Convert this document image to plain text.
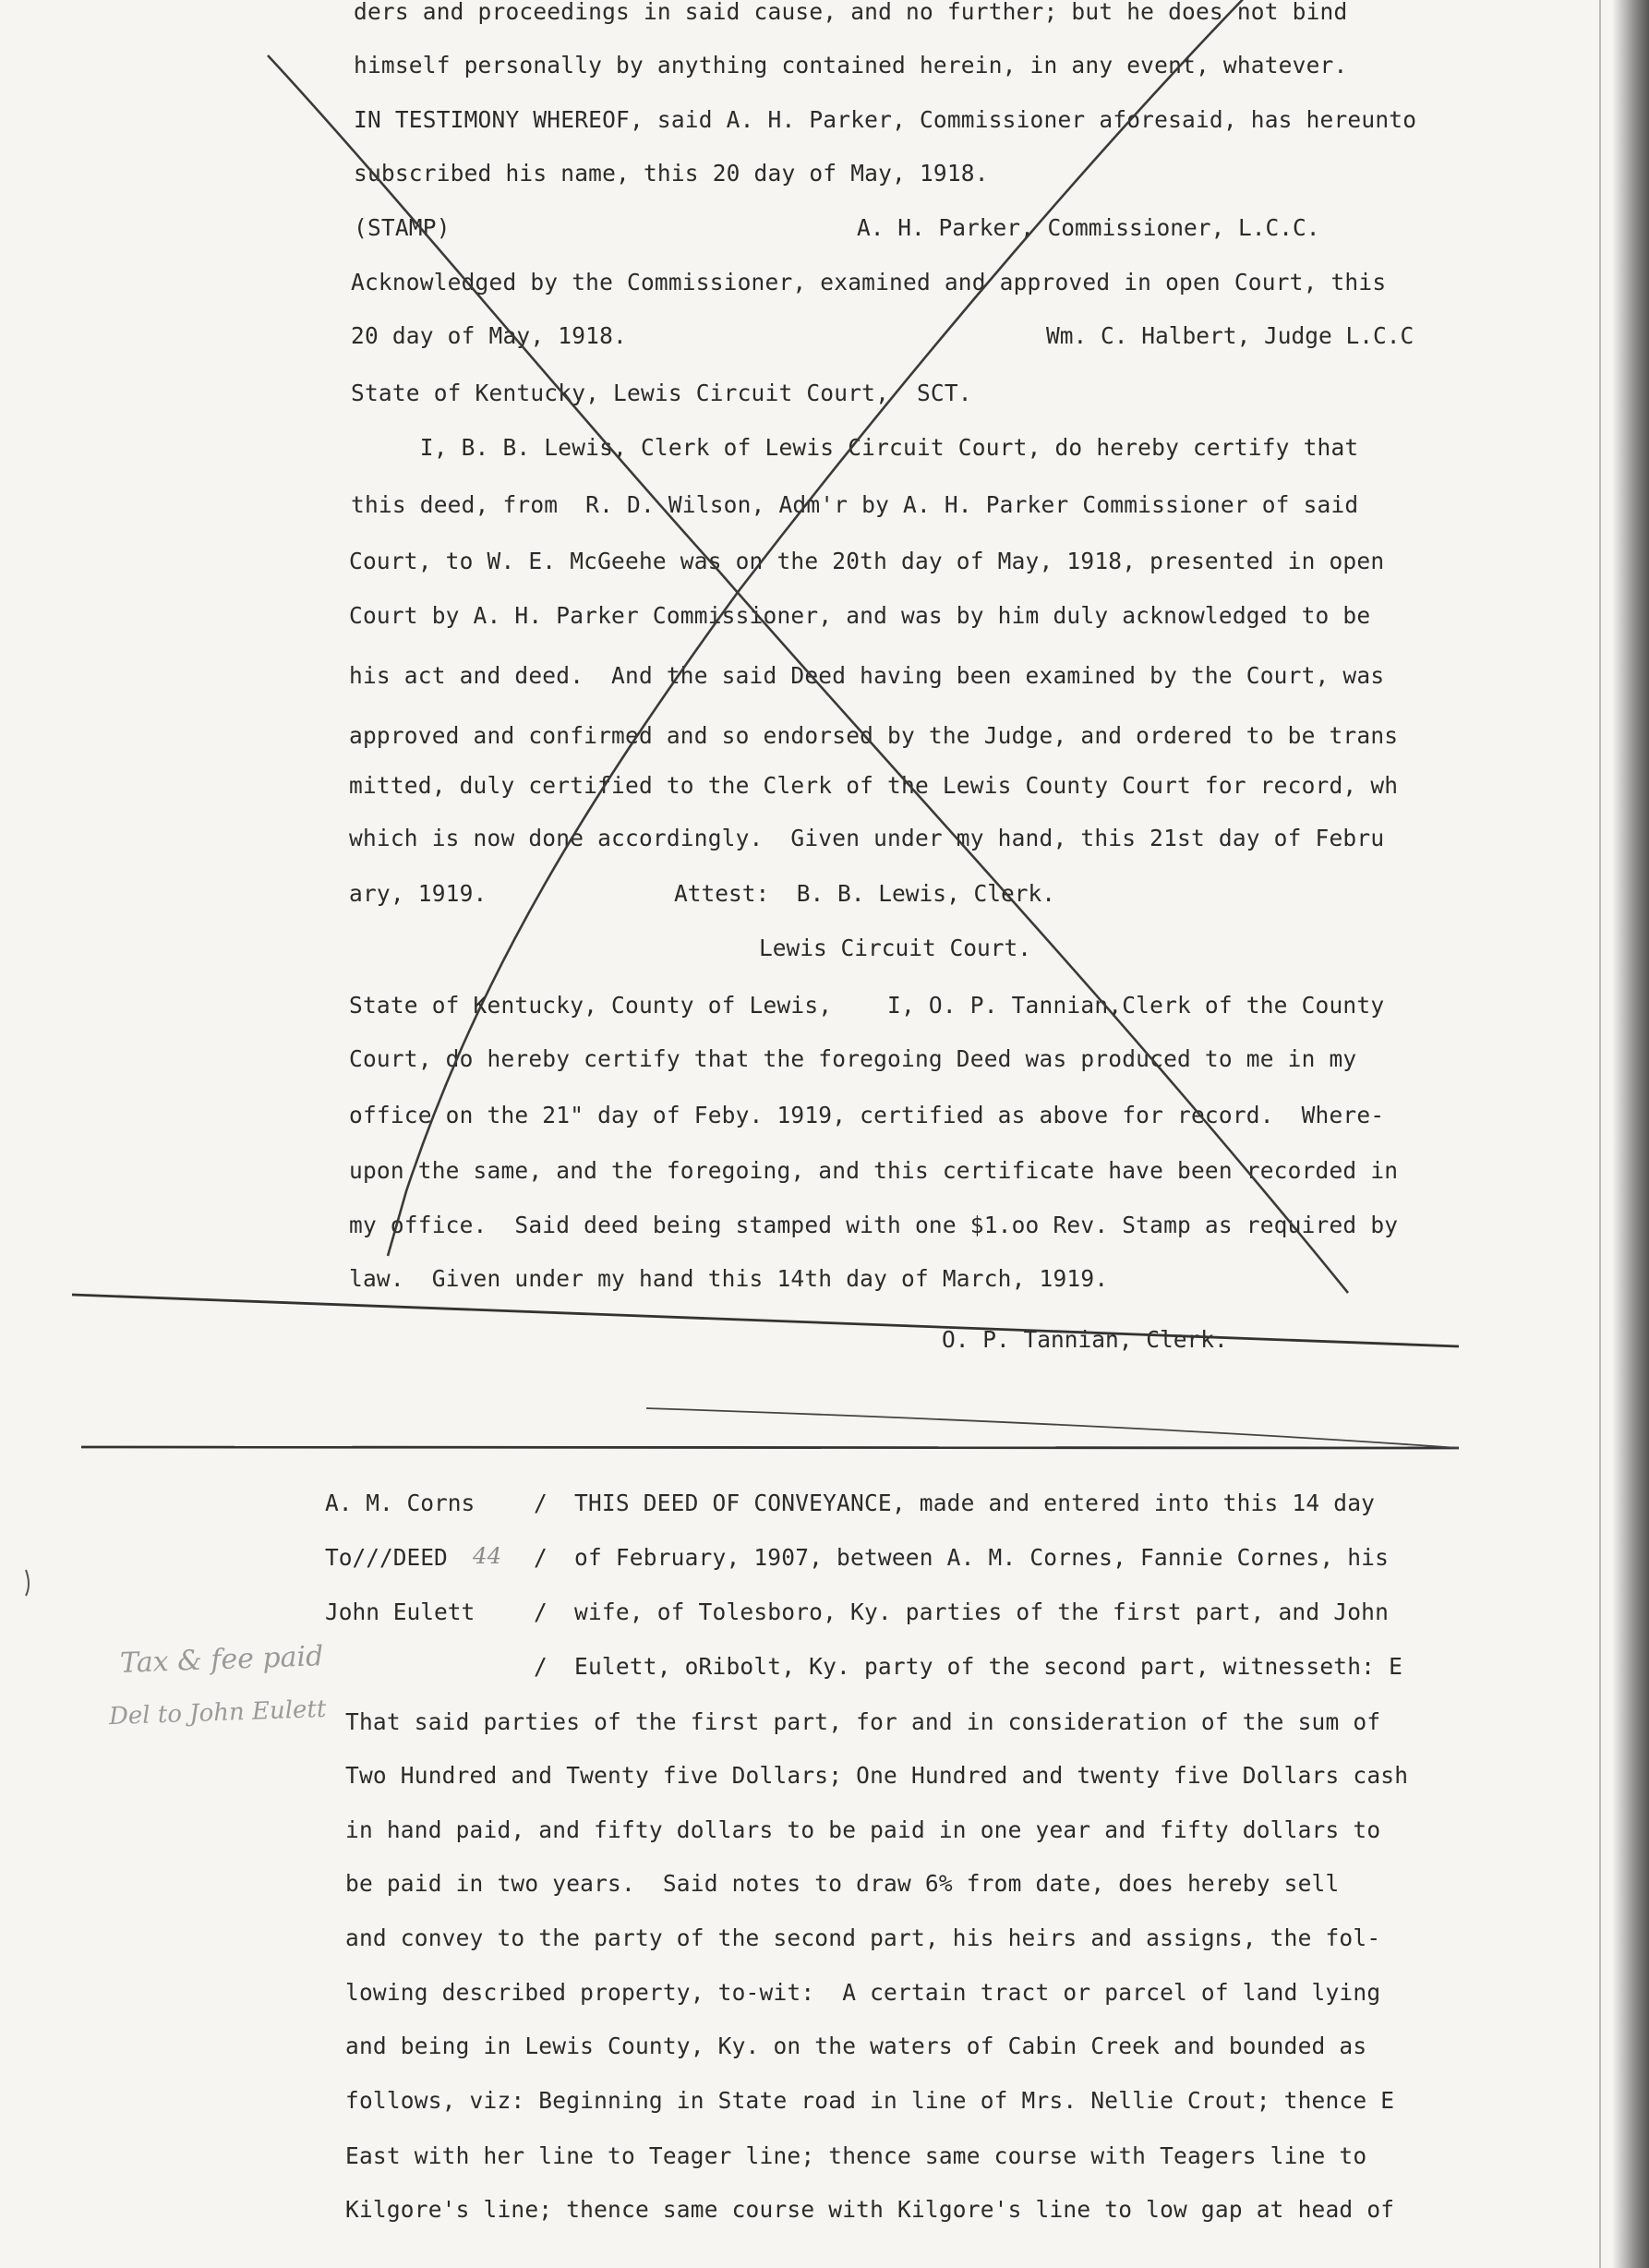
ders and proceedings in said cause, and no further; but he does not bind
himself personally by anything contained herein, in any event, whatever.
IN TESTIMONY WHEREOF, said A. H. Parker, Commissioner aforesaid, has hereunto
subscribed his name, this 20 day of May, 1918.
(STAMP)	A. H. Parker, Commissioner, L.C.C.
Acknowledged by the Commissioner, examined and approved in open Court, this
20 day of May, 1918.	Wm. C. Halbert, Judge L.C.C
State of Kentucky, Lewis Circuit Court,  SCT.
I, B. B. Lewis, Clerk of Lewis Circuit Court, do hereby certify that
this deed, from  R. D. Wilson, Adm'r by A. H. Parker Commissioner of said
Court, to W. E. McGeehe was on the 20th day of May, 1918, presented in open
Court by A. H. Parker Commissioner, and was by him duly acknowledged to be
his act and deed.  And the said Deed having been examined by the Court, was
approved and confirmed and so endorsed by the Judge, and ordered to be trans
mitted, duly certified to the Clerk of the Lewis County Court for record, wh
which is now done accordingly.  Given under my hand, this 21st day of Febru
ary, 1919.	Attest:  B. B. Lewis, Clerk.
Lewis Circuit Court.
State of Kentucky, County of Lewis,    I, O. P. Tannian,Clerk of the County
Court, do hereby certify that the foregoing Deed was produced to me in my
office on the 21" day of Feby. 1919, certified as above for record.  Where-
upon the same, and the foregoing, and this certificate have been recorded in
my office.  Said deed being stamped with one $1.oo Rev. Stamp as required by
law.  Given under my hand this 14th day of March, 1919.
O. P. Tannian, Clerk.
A. M. Corns
To///DEED 44
John Eulett
/
/
/
/
Tax & fee paid
Del to John Eulett
THIS DEED OF CONVEYANCE, made and entered into this 14 day
of February, 1907, between A. M. Cornes, Fannie Cornes, his
wife, of Tolesboro, Ky. parties of the first part, and John
Eulett, oRibolt, Ky. party of the second part, witnesseth: E
That said parties of the first part, for and in consideration of the sum of
Two Hundred and Twenty five Dollars; One Hundred and twenty five Dollars cash
in hand paid, and fifty dollars to be paid in one year and fifty dollars to
be paid in two years.  Said notes to draw 6% from date, does hereby sell
and convey to the party of the second part, his heirs and assigns, the fol-
lowing described property, to-wit:  A certain tract or parcel of land lying
and being in Lewis County, Ky. on the waters of Cabin Creek and bounded as
follows, viz: Beginning in State road in line of Mrs. Nellie Crout; thence E
East with her line to Teager line; thence same course with Teagers line to
Kilgore's line; thence same course with Kilgore's line to low gap at head of
